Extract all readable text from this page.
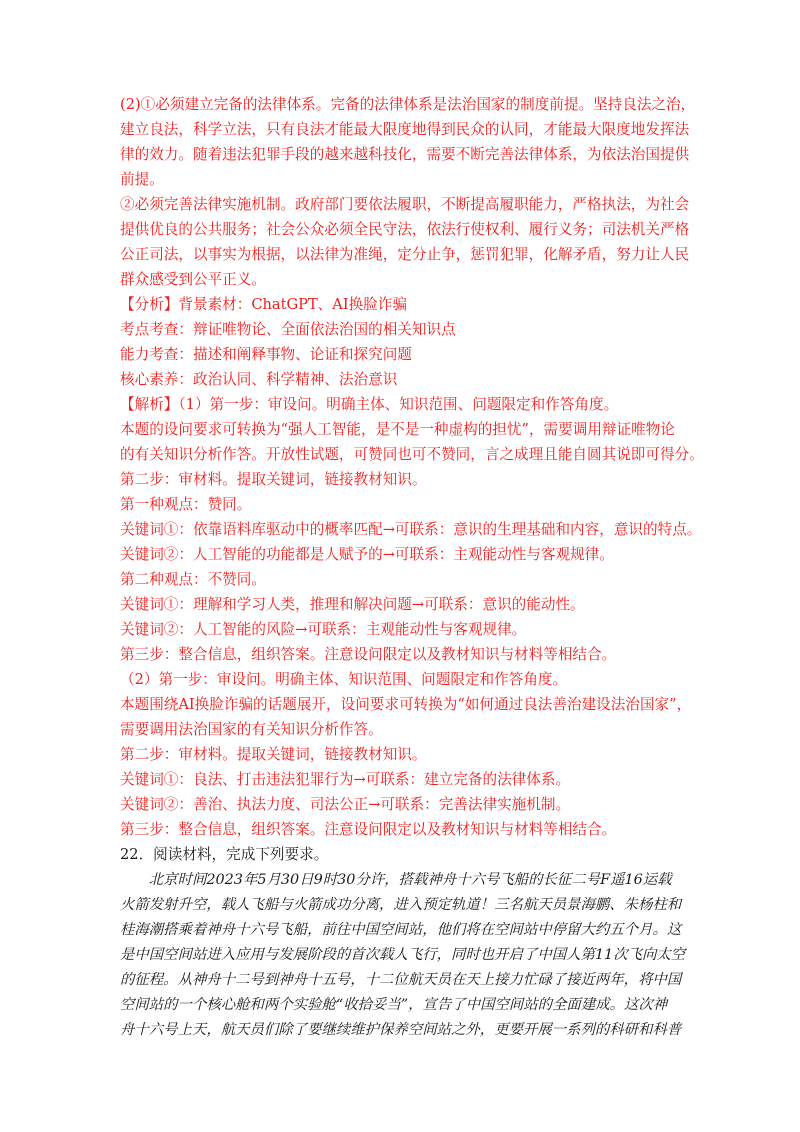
(2)①必须建立完备的法律体系。完备的法律体系是法治国家的制度前提。坚持良法之治，
建立良法，科学立法，只有良法才能最大限度地得到民众的认同，才能最大限度地发挥法
律的效力。随着违法犯罪手段的越来越科技化，需要不断完善法律体系，为依法治国提供
前提。
②必须完善法律实施机制。政府部门要依法履职，不断提高履职能力，严格执法，为社会
提供优良的公共服务；社会公众必须全民守法，依法行使权利、履行义务；司法机关严格
公正司法，以事实为根据，以法律为准绳，定分止争，惩罚犯罪，化解矛盾，努力让人民
群众感受到公平正义。
【分析】背景素材：ChatGPT、AI换脸诈骗
考点考查：辩证唯物论、全面依法治国的相关知识点
能力考查：描述和阐释事物、论证和探究问题
核心素养：政治认同、科学精神、法治意识
【解析】（1）第一步：审设问。明确主体、知识范围、问题限定和作答角度。
本题的设问要求可转换为“强人工智能，是不是一种虚构的担忧”，需要调用辩证唯物论
的有关知识分析作答。开放性试题，可赞同也可不赞同，言之成理且能自圆其说即可得分。
第二步：审材料。提取关键词，链接教材知识。
第一种观点：赞同。
关键词①：依靠语料库驱动中的概率匹配→可联系：意识的生理基础和内容，意识的特点。
关键词②：人工智能的功能都是人赋予的→可联系：主观能动性与客观规律。
第二种观点：不赞同。
关键词①：理解和学习人类，推理和解决问题→可联系：意识的能动性。
关键词②：人工智能的风险→可联系：主观能动性与客观规律。
第三步：整合信息，组织答案。注意设问限定以及教材知识与材料等相结合。
（2）第一步：审设问。明确主体、知识范围、问题限定和作答角度。
本题围绕AI换脸诈骗的话题展开，设问要求可转换为“如何通过良法善治建设法治国家”，
需要调用法治国家的有关知识分析作答。
第二步：审材料。提取关键词，链接教材知识。
关键词①：良法、打击违法犯罪行为→可联系：建立完备的法律体系。
关键词②：善治、执法力度、司法公正→可联系：完善法律实施机制。
第三步：整合信息，组织答案。注意设问限定以及教材知识与材料等相结合。
22．阅读材料，完成下列要求。
　　北京时间2023年5月30日9时30分许，搭载神舟十六号飞船的长征二号F遥16运载
火箭发射升空，载人飞船与火箭成功分离，进入预定轨道！三名航天员景海鹏、朱杨柱和
桂海潮搭乘着神舟十六号飞船，前往中国空间站，他们将在空间站中停留大约五个月。这
是中国空间站进入应用与发展阶段的首次载人飞行，同时也开启了中国人第11次飞向太空
的征程。从神舟十二号到神舟十五号，十二位航天员在天上接力忙碌了接近两年，将中国
空间站的一个核心舱和两个实验舱“收拾妥当”，宣告了中国空间站的全面建成。这次神
舟十六号上天，航天员们除了要继续维护保养空间站之外，更要开展一系列的科研和科普
